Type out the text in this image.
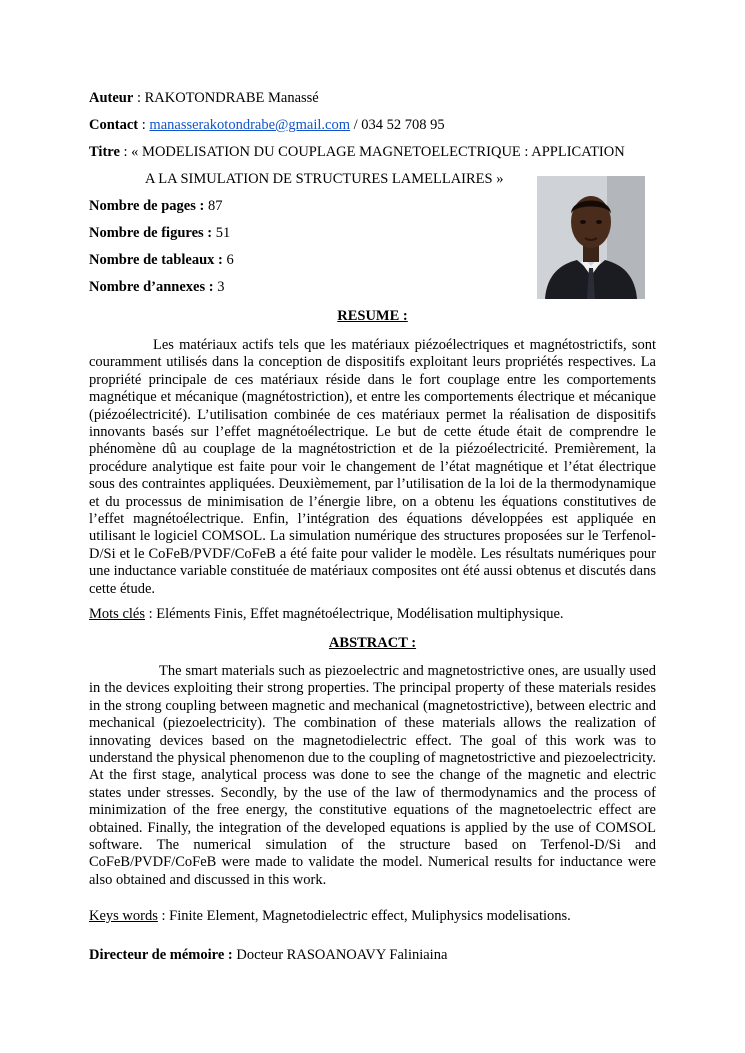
Auteur : RAKOTONDRABE Manassé
Contact : manasserakotondrabe@gmail.com / 034 52 708 95
Titre : « MODELISATION DU COUPLAGE MAGNETOELECTRIQUE : APPLICATION
A LA SIMULATION DE STRUCTURES LAMELLAIRES »
Nombre de pages : 87
Nombre de figures : 51
Nombre de tableaux : 6
Nombre d’annexes : 3
RESUME :

Les matériaux actifs tels que les matériaux piézoélectriques et magnétostrictifs, sont couramment utilisés dans la conception de dispositifs exploitant leurs propriétés respectives. La propriété principale de ces matériaux réside dans le fort couplage entre les comportements magnétique et mécanique (magnétostriction), et entre les comportements électrique et mécanique (piézoélectricité). L’utilisation combinée de ces matériaux permet la réalisation de dispositifs innovants basés sur l’effet magnétoélectrique. Le but de cette étude était de comprendre le phénomène dû au couplage de la magnétostriction et de la piézoélectricité. Premièrement, la procédure analytique est faite pour voir le changement de l’état magnétique et l’état électrique sous des contraintes appliquées. Deuxièmement, par l’utilisation de la loi de la thermodynamique et du processus de minimisation de l’énergie libre, on a obtenu les équations constitutives de l’effet magnétoélectrique. Enfin, l’intégration des équations développées est appliquée en utilisant le logiciel COMSOL. La simulation numérique des structures proposées sur le Terfenol-D/Si et le CoFeB/PVDF/CoFeB a été faite pour valider le modèle. Les résultats numériques pour une inductance variable constituée de matériaux composites ont été aussi obtenus et discutés dans cette étude.

Mots clés : Eléments Finis, Effet magnétoélectrique, Modélisation multiphysique.
ABSTRACT :

The smart materials such as piezoelectric and magnetostrictive ones, are usually used in the devices exploiting their strong properties. The principal property of these materials resides in the strong coupling between magnetic and mechanical (magnetostrictive), between electric and mechanical (piezoelectricity). The combination of these materials allows the realization of innovating devices based on the magnetodielectric effect. The goal of this work was to understand the physical phenomenon due to the coupling of magnetostrictive and piezoelectricity. At the first stage, analytical process was done to see the change of the magnetic and electric states under stresses. Secondly, by the use of the law of thermodynamics and the process of minimization of the free energy, the constitutive equations of the magnetoelectric effect are obtained. Finally, the integration of the developed equations is applied by the use of COMSOL software. The numerical simulation of the structure based on Terfenol-D/Si and CoFeB/PVDF/CoFeB were made to validate the model. Numerical results for inductance were also obtained and discussed in this work.

Keys words : Finite Element, Magnetodielectric effect, Muliphysics modelisations.
Directeur de mémoire : Docteur RASOANOAVY Faliniaina
